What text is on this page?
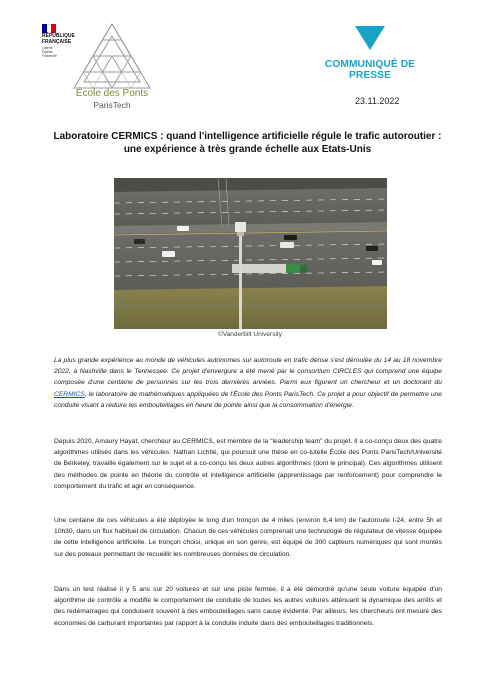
RÉPUBLIQUE
FRANÇAISE
Liberté
Égalité
Fraternité
École des Ponts
ParisTech
COMMUNIQUÉ DE PRESSE
23.11.2022
Laboratoire CERMICS : quand l'intelligence artificielle régule le trafic autoroutier :
une expérience à très grande échelle aux Etats-Unis
©Vanderbilt University
La plus grande expérience au monde de véhicules autonomes sur autoroute en trafic dense s'est déroulée du 14 au 18 novembre 2022, à Nashville dans le Tennessee. Ce projet d'envergure a été mené par le consortium CIRCLES qui comprend une équipe composée d'une centaine de personnes sur les trois dernières années. Parmi eux figurent un chercheur et un doctorant du CERMICS, le laboratoire de mathématiques appliquées de l'École des Ponts ParisTech. Ce projet a pour objectif de permettre une conduite visant à réduire les embouteillages en heure de pointe ainsi que la consommation d'énergie.
Depuis 2020, Amaury Hayat, chercheur au CERMICS, est membre de la "leadership team" du projet. Il a co-conçu deux des quatre algorithmes utilisés dans les véhicules. Nathan Lichtlé, qui poursuit une thèse en co-tutelle École des Ponts ParisTech/Université de Berkeley, travaille également sur le sujet et a co-conçu les deux autres algorithmes (dont le principal). Ces algorithmes utilisent des méthodes de pointe en théorie du contrôle et intelligence artificielle (apprentissage par renforcement) pour comprendre le comportement du trafic et agir en conséquence.
Une centaine de ces véhicules a été déployée le long d'un tronçon de 4 miles (environ 6,4 km) de l'autoroute I-24, entre 5h et 10h30, dans un flux habituel de circulation. Chacun de ces véhicules comprenait une technologie de régulateur de vitesse équipée de cette intelligence artificielle. Le tronçon choisi, unique en son genre, est équipé de 300 capteurs numériques qui sont montés sur des poteaux permettant de recueillir les nombreuses données de circulation.
Dans un test réalisé il y 5 ans sur 20 voitures et sur une piste fermée, il a été démontré qu'une seule voiture équipée d'un algorithme de contrôle a modifié le comportement de conduite de toutes les autres voitures atténuant la dynamique des arrêts et des redémarrages qui conduisent souvent à des embouteillages sans cause évidente. Par ailleurs, les chercheurs ont mesuré des économies de carburant importantes par rapport à la conduite induite dans des embouteillages traditionnels.
